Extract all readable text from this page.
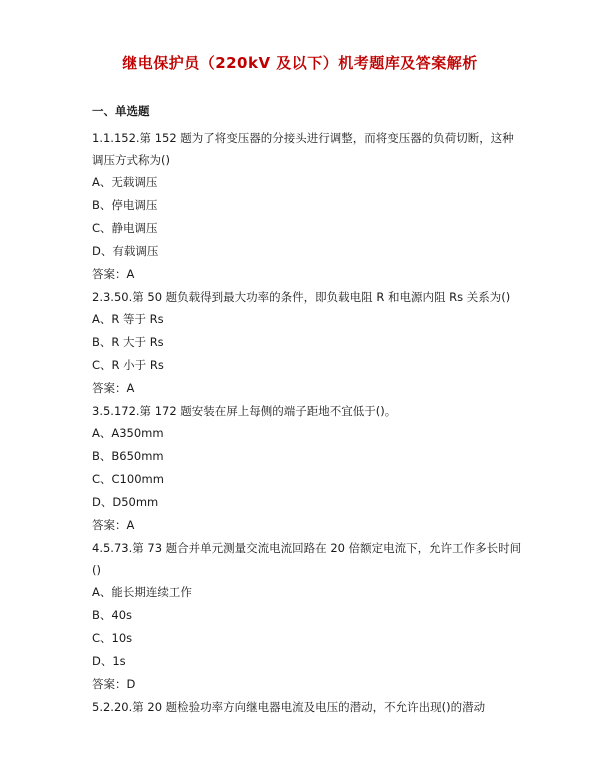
继电保护员（220kV 及以下）机考题库及答案解析
一、单选题
1.1.152.第 152 题为了将变压器的分接头进行调整，而将变压器的负荷切断，这种调压方式称为()
A、无载调压
B、停电调压
C、静电调压
D、有载调压
答案：A
2.3.50.第 50 题负载得到最大功率的条件，即负载电阻 R 和电源内阻 Rs 关系为()
A、R 等于 Rs
B、R 大于 Rs
C、R 小于 Rs
答案：A
3.5.172.第 172 题安装在屏上每侧的端子距地不宜低于()。
A、A350mm
B、B650mm
C、C100mm
D、D50mm
答案：A
4.5.73.第 73 题合并单元测量交流电流回路在 20 倍额定电流下，允许工作多长时间()
A、能长期连续工作
B、40s
C、10s
D、1s
答案：D
5.2.20.第 20 题检验功率方向继电器电流及电压的潜动，不允许出现()的潜动
